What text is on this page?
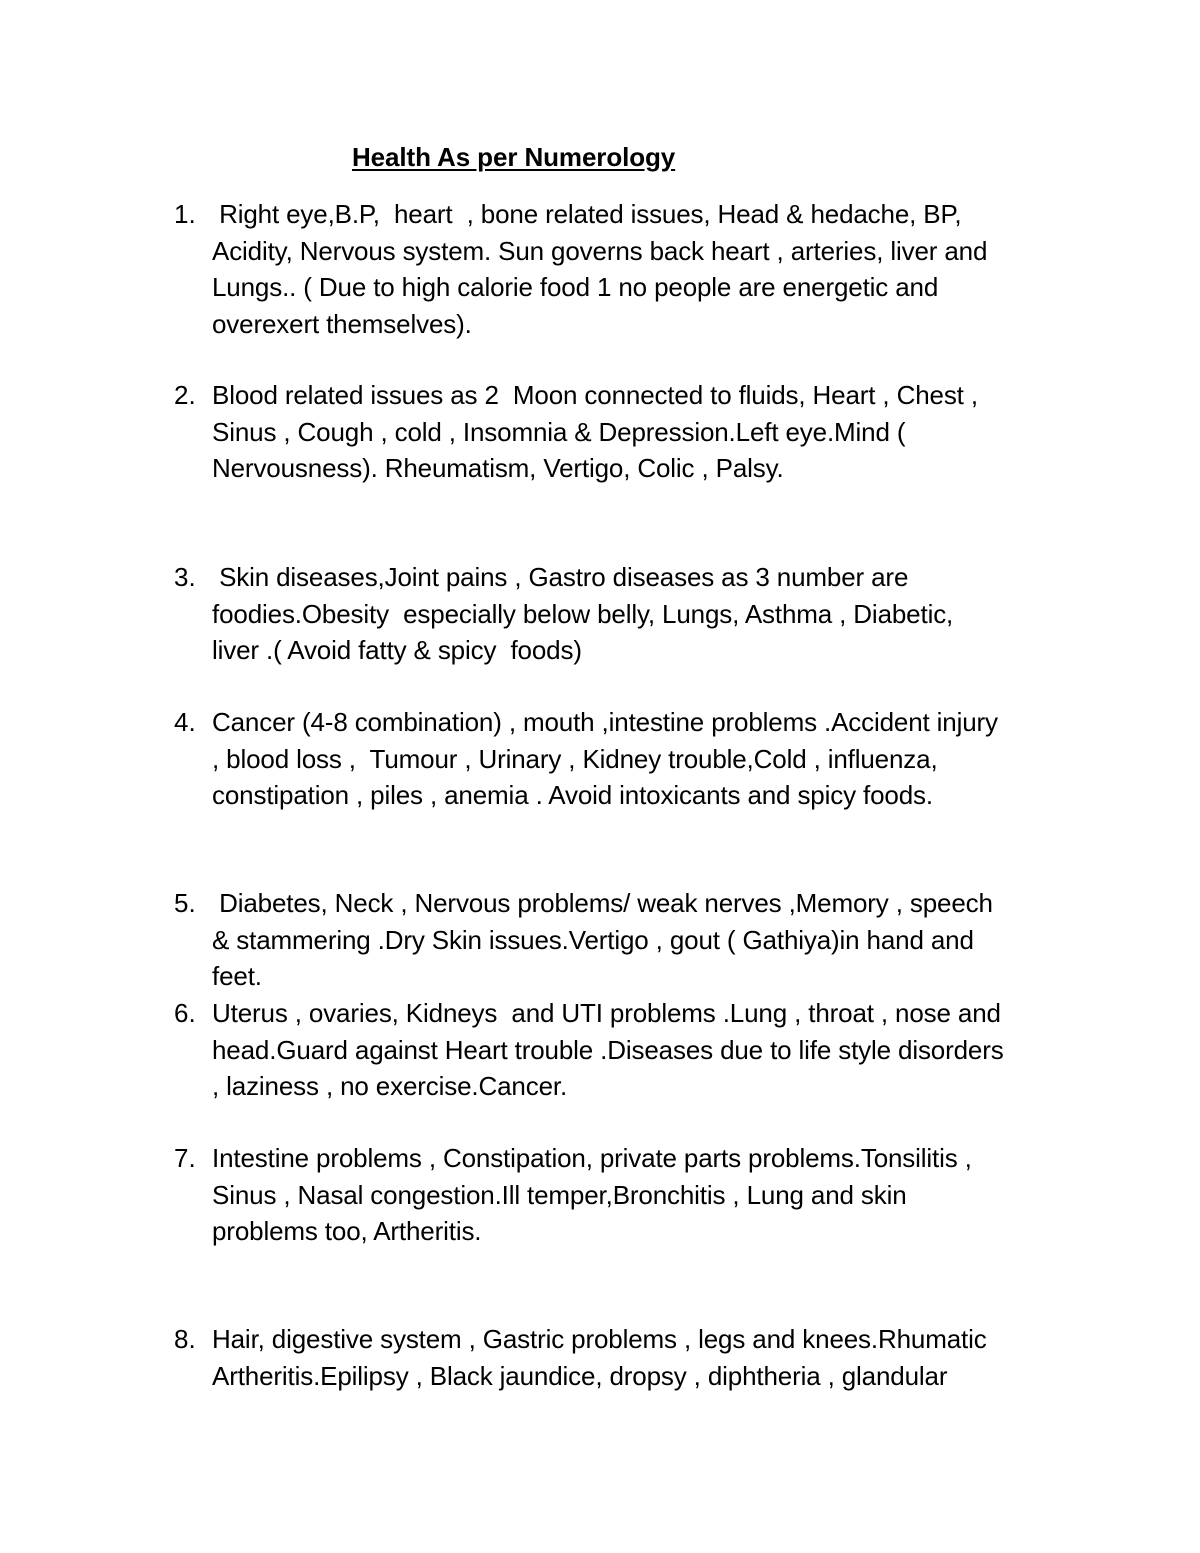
Health As per Numerology
1. Right eye,B.P,  heart  , bone related issues, Head & hedache, BP,
Acidity, Nervous system. Sun governs back heart , arteries, liver and
Lungs.. ( Due to high calorie food 1 no people are energetic and
overexert themselves).
2. Blood related issues as 2  Moon connected to fluids, Heart , Chest ,
Sinus , Cough , cold , Insomnia & Depression.Left eye.Mind (
Nervousness). Rheumatism, Vertigo, Colic , Palsy.
3. Skin diseases,Joint pains , Gastro diseases as 3 number are
foodies.Obesity  especially below belly, Lungs, Asthma , Diabetic,
liver .( Avoid fatty & spicy  foods)
4. Cancer (4-8 combination) , mouth ,intestine problems .Accident injury
, blood loss ,  Tumour , Urinary , Kidney trouble,Cold , influenza,
constipation , piles , anemia . Avoid intoxicants and spicy foods.
5. Diabetes, Neck , Nervous problems/ weak nerves ,Memory , speech
& stammering .Dry Skin issues.Vertigo , gout ( Gathiya)in hand and
feet.
6. Uterus , ovaries, Kidneys  and UTI problems .Lung , throat , nose and
head.Guard against Heart trouble .Diseases due to life style disorders
, laziness , no exercise.Cancer.
7. Intestine problems , Constipation, private parts problems.Tonsilitis ,
Sinus , Nasal congestion.Ill temper,Bronchitis , Lung and skin
problems too, Artheritis.
8. Hair, digestive system , Gastric problems , legs and knees.Rhumatic
Artheritis.Epilipsy , Black jaundice, dropsy , diphtheria , glandular
